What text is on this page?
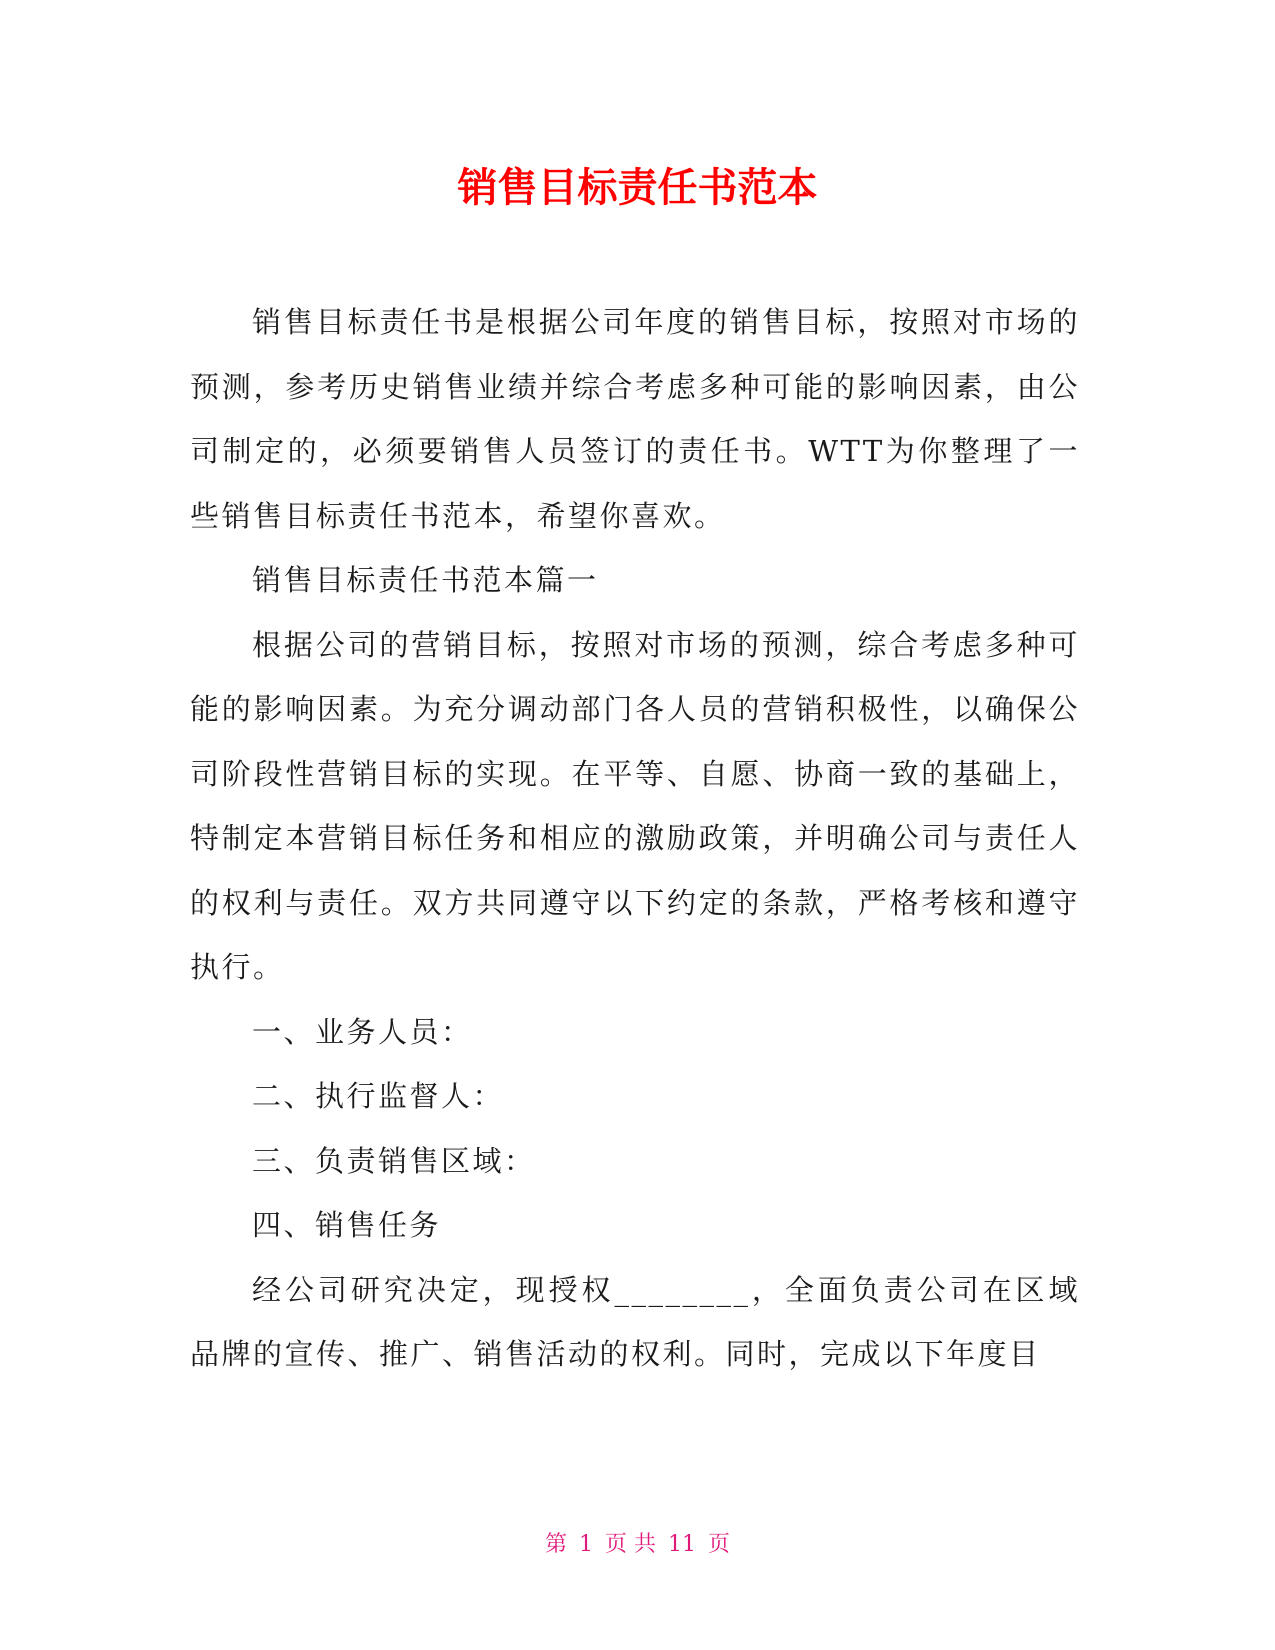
销售目标责任书范本

销售目标责任书是根据公司年度的销售目标，按照对市场的预测，参考历史销售业绩并综合考虑多种可能的影响因素，由公司制定的，必须要销售人员签订的责任书。WTT为你整理了一些销售目标责任书范本，希望你喜欢。

销售目标责任书范本篇一

根据公司的营销目标，按照对市场的预测，综合考虑多种可能的影响因素。为充分调动部门各人员的营销积极性，以确保公司阶段性营销目标的实现。在平等、自愿、协商一致的基础上，特制定本营销目标任务和相应的激励政策，并明确公司与责任人的权利与责任。双方共同遵守以下约定的条款，严格考核和遵守执行。

一、业务人员：

二、执行监督人：

三、负责销售区域：

四、销售任务

经公司研究决定，现授权________，全面负责公司在区域品牌的宣传、推广、销售活动的权利。同时，完成以下年度目

第 1 页 共 11 页
